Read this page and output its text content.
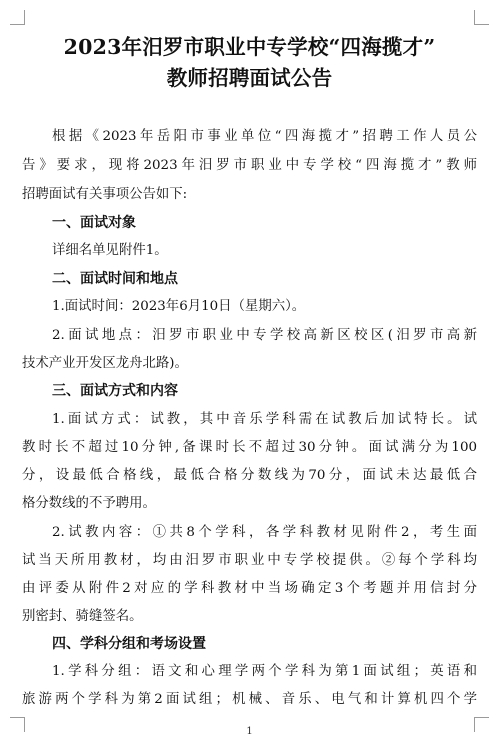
2023年汨罗市职业中专学校“四海揽才”
教师招聘面试公告
根据《2023年岳阳市事业单位“四海揽才”招聘工作人员公
告》要求，现将2023年汨罗市职业中专学校“四海揽才”教师
招聘面试有关事项公告如下:
一、面试对象
详细名单见附件1。
二、面试时间和地点
1.面试时间：2023年6月10日（星期六）。
2.面试地点：汨罗市职业中专学校高新区校区(汨罗市高新
技术产业开发区龙舟北路)。
三、面试方式和内容
1.面试方式：试教，其中音乐学科需在试教后加试特长。试
教时长不超过10分钟,备课时长不超过30分钟。面试满分为100
分，设最低合格线，最低合格分数线为70分，面试未达最低合
格分数线的不予聘用。
2.试教内容：①共8个学科，各学科教材见附件2，考生面
试当天所用教材，均由汨罗市职业中专学校提供。②每个学科均
由评委从附件2对应的学科教材中当场确定3个考题并用信封分
别密封、骑缝签名。
四、学科分组和考场设置
1.学科分组：语文和心理学两个学科为第1面试组；英语和
旅游两个学科为第2面试组；机械、音乐、电气和计算机四个学
1
